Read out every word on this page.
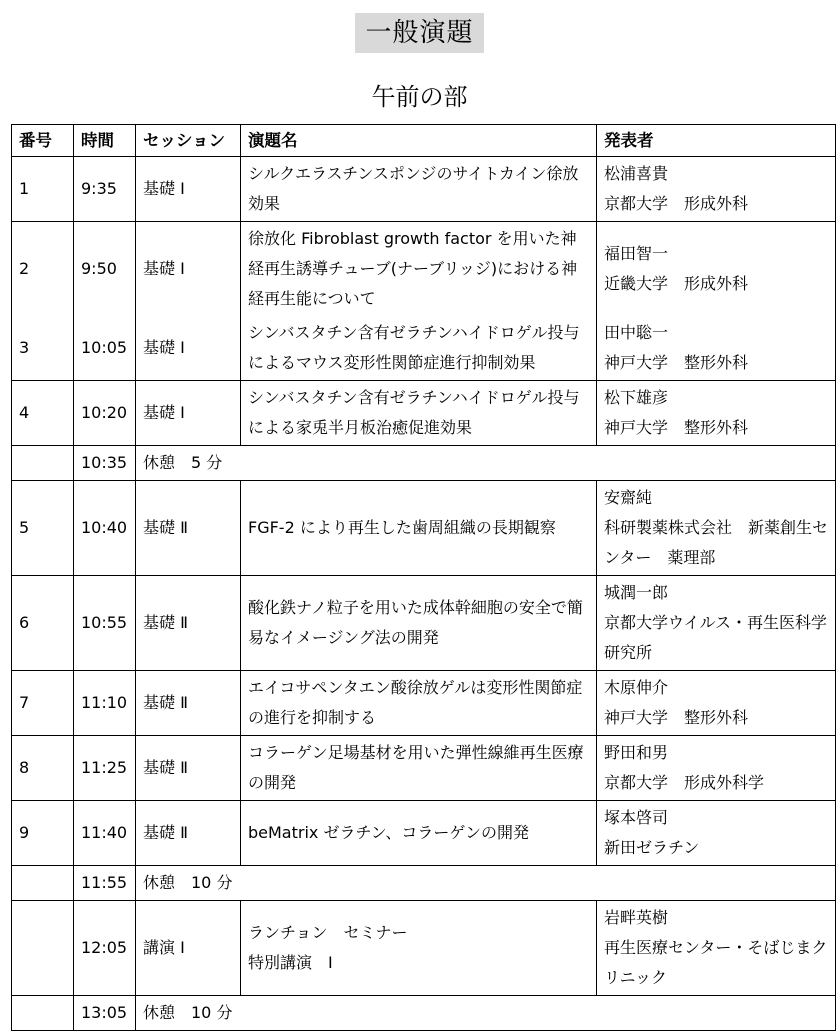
一般演題
午前の部
番号	時間	セッション	演題名	発表者
1	9:35	基礎 Ⅰ	シルクエラスチンスポンジのサイトカイン徐放効果	松浦喜貴
京都大学　形成外科

2	9:50	基礎 Ⅰ	徐放化 Fibroblast growth factor を用いた神経再生誘導チューブ(ナーブリッジ)における神経再生能について	福田智一
近畿大学　形成外科

3	10:05	基礎 Ⅰ	シンバスタチン含有ゼラチンハイドロゲル投与によるマウス変形性関節症進行抑制効果	田中聡一
神戸大学　整形外科

4	10:20	基礎 Ⅰ	シンバスタチン含有ゼラチンハイドロゲル投与による家兎半月板治癒促進効果	松下雄彦
神戸大学　整形外科

	10:35	休憩　5 分		
5	10:40	基礎 Ⅱ	FGF-2 により再生した歯周組織の長期観察	安齋純
科研製薬株式会社　新薬創生センター　薬理部

6	10:55	基礎 Ⅱ	酸化鉄ナノ粒子を用いた成体幹細胞の安全で簡易なイメージング法の開発	城潤一郎
京都大学ウイルス・再生医科学研究所

7	11:10	基礎 Ⅱ	エイコサペンタエン酸徐放ゲルは変形性関節症の進行を抑制する	木原伸介
神戸大学　整形外科

8	11:25	基礎 Ⅱ	コラーゲン足場基材を用いた弾性線維再生医療の開発	野田和男
京都大学　形成外科学

9	11:40	基礎 Ⅱ	beMatrix ゼラチン、コラーゲンの開発	塚本啓司
新田ゼラチン

	11:55	休憩　10 分		
	12:05	講演 Ⅰ	ランチョン　セミナー
特別講演　Ⅰ	岩畔英樹
再生医療センター・そばじまクリニック

	13:05	休憩　10 分		
